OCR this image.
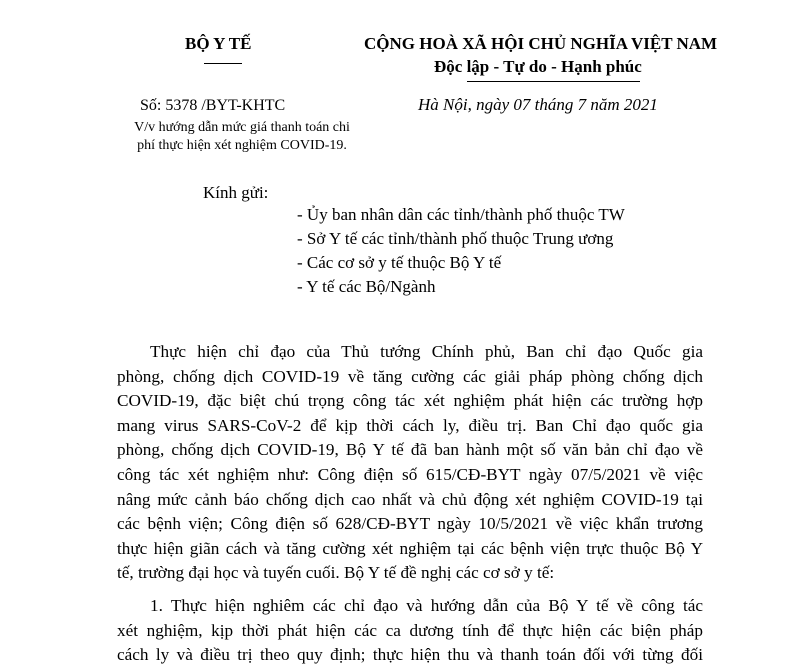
BỘ Y TẾ	CỘNG HOÀ XÃ HỘI CHỦ NGHĨA VIỆT NAM
Độc lập - Tự do - Hạnh phúc
Số: 5378 /BYT-KHTC	Hà Nội, ngày 07 tháng 7 năm 2021
V/v hướng dẫn mức giá thanh toán chi
phí thực hiện xét nghiệm COVID-19.
Kính gửi:
- Ủy ban nhân dân các tỉnh/thành phố thuộc TW
- Sở Y tế các tỉnh/thành phố thuộc Trung ương
- Các cơ sở y tế thuộc Bộ Y tế
- Y tế các Bộ/Ngành
Thực hiện chỉ đạo của Thủ tướng Chính phủ, Ban chỉ đạo Quốc gia
phòng, chống dịch COVID-19 về tăng cường các giải pháp phòng chống dịch
COVID-19, đặc biệt chú trọng công tác xét nghiệm phát hiện các trường hợp
mang virus SARS-CoV-2 để kịp thời cách ly, điều trị. Ban Chỉ đạo quốc gia
phòng, chống dịch COVID-19, Bộ Y tế đã ban hành một số văn bản chỉ đạo về
công tác xét nghiệm như: Công điện số 615/CĐ-BYT ngày 07/5/2021 về việc
nâng mức cảnh báo chống dịch cao nhất và chủ động xét nghiệm COVID-19 tại
các bệnh viện; Công điện số 628/CĐ-BYT ngày 10/5/2021 về việc khẩn trương
thực hiện giãn cách và tăng cường xét nghiệm tại các bệnh viện trực thuộc Bộ Y
tế, trường đại học và tuyến cuối. Bộ Y tế đề nghị các cơ sở y tế:
1. Thực hiện nghiêm các chỉ đạo và hướng dẫn của Bộ Y tế về công tác
xét nghiệm, kịp thời phát hiện các ca dương tính để thực hiện các biện pháp
cách ly và điều trị theo quy định; thực hiện thu và thanh toán đối với từng đối
